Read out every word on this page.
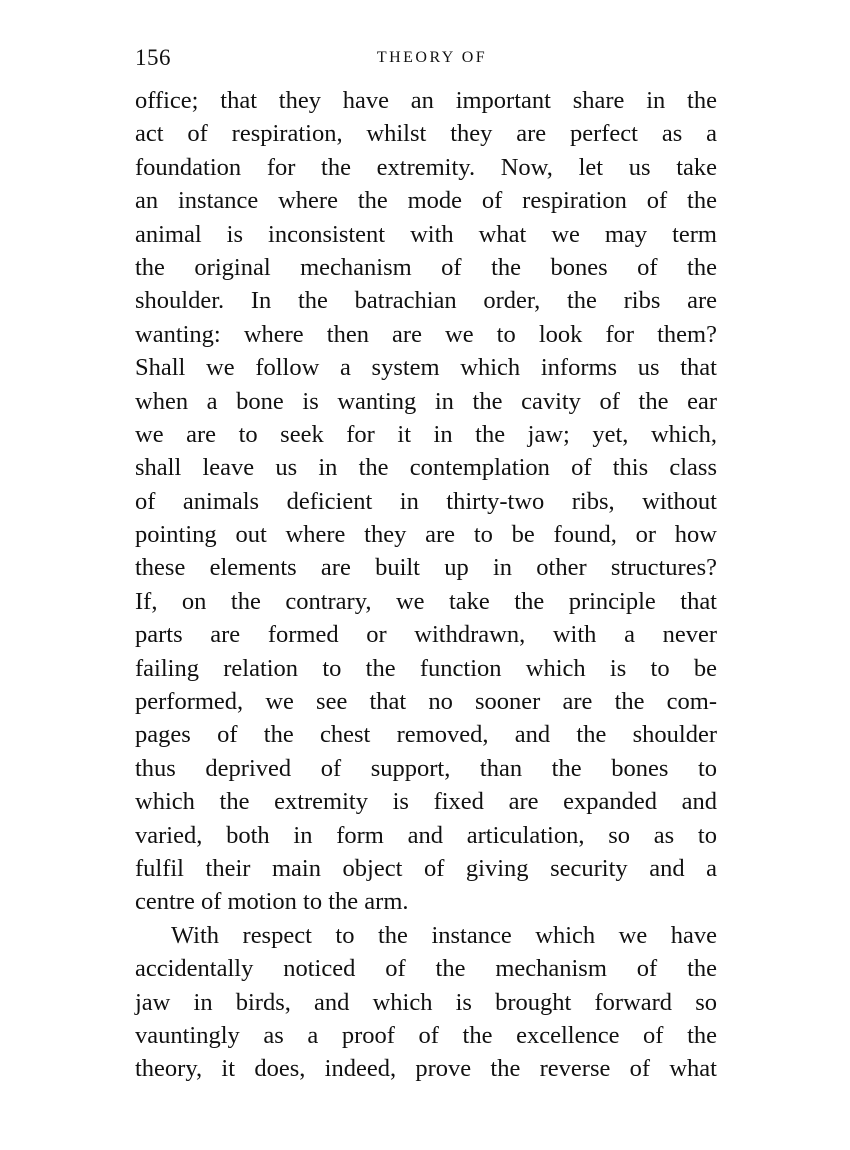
156	THEORY OF
office; that they have an important share in the
act of respiration, whilst they are perfect as a
foundation for the extremity. Now, let us take
an instance where the mode of respiration of the
animal is inconsistent with what we may term
the original mechanism of the bones of the
shoulder. In the batrachian order, the ribs are
wanting: where then are we to look for them?
Shall we follow a system which informs us that
when a bone is wanting in the cavity of the ear
we are to seek for it in the jaw; yet, which,
shall leave us in the contemplation of this class
of animals deficient in thirty-two ribs, without
pointing out where they are to be found, or how
these elements are built up in other structures?
If, on the contrary, we take the principle that
parts are formed or withdrawn, with a never
failing relation to the function which is to be
performed, we see that no sooner are the com-
pages of the chest removed, and the shoulder
thus deprived of support, than the bones to
which the extremity is fixed are expanded and
varied, both in form and articulation, so as to
fulfil their main object of giving security and a
centre of motion to the arm.
With respect to the instance which we have
accidentally noticed of the mechanism of the
jaw in birds, and which is brought forward so
vauntingly as a proof of the excellence of the
theory, it does, indeed, prove the reverse of what
